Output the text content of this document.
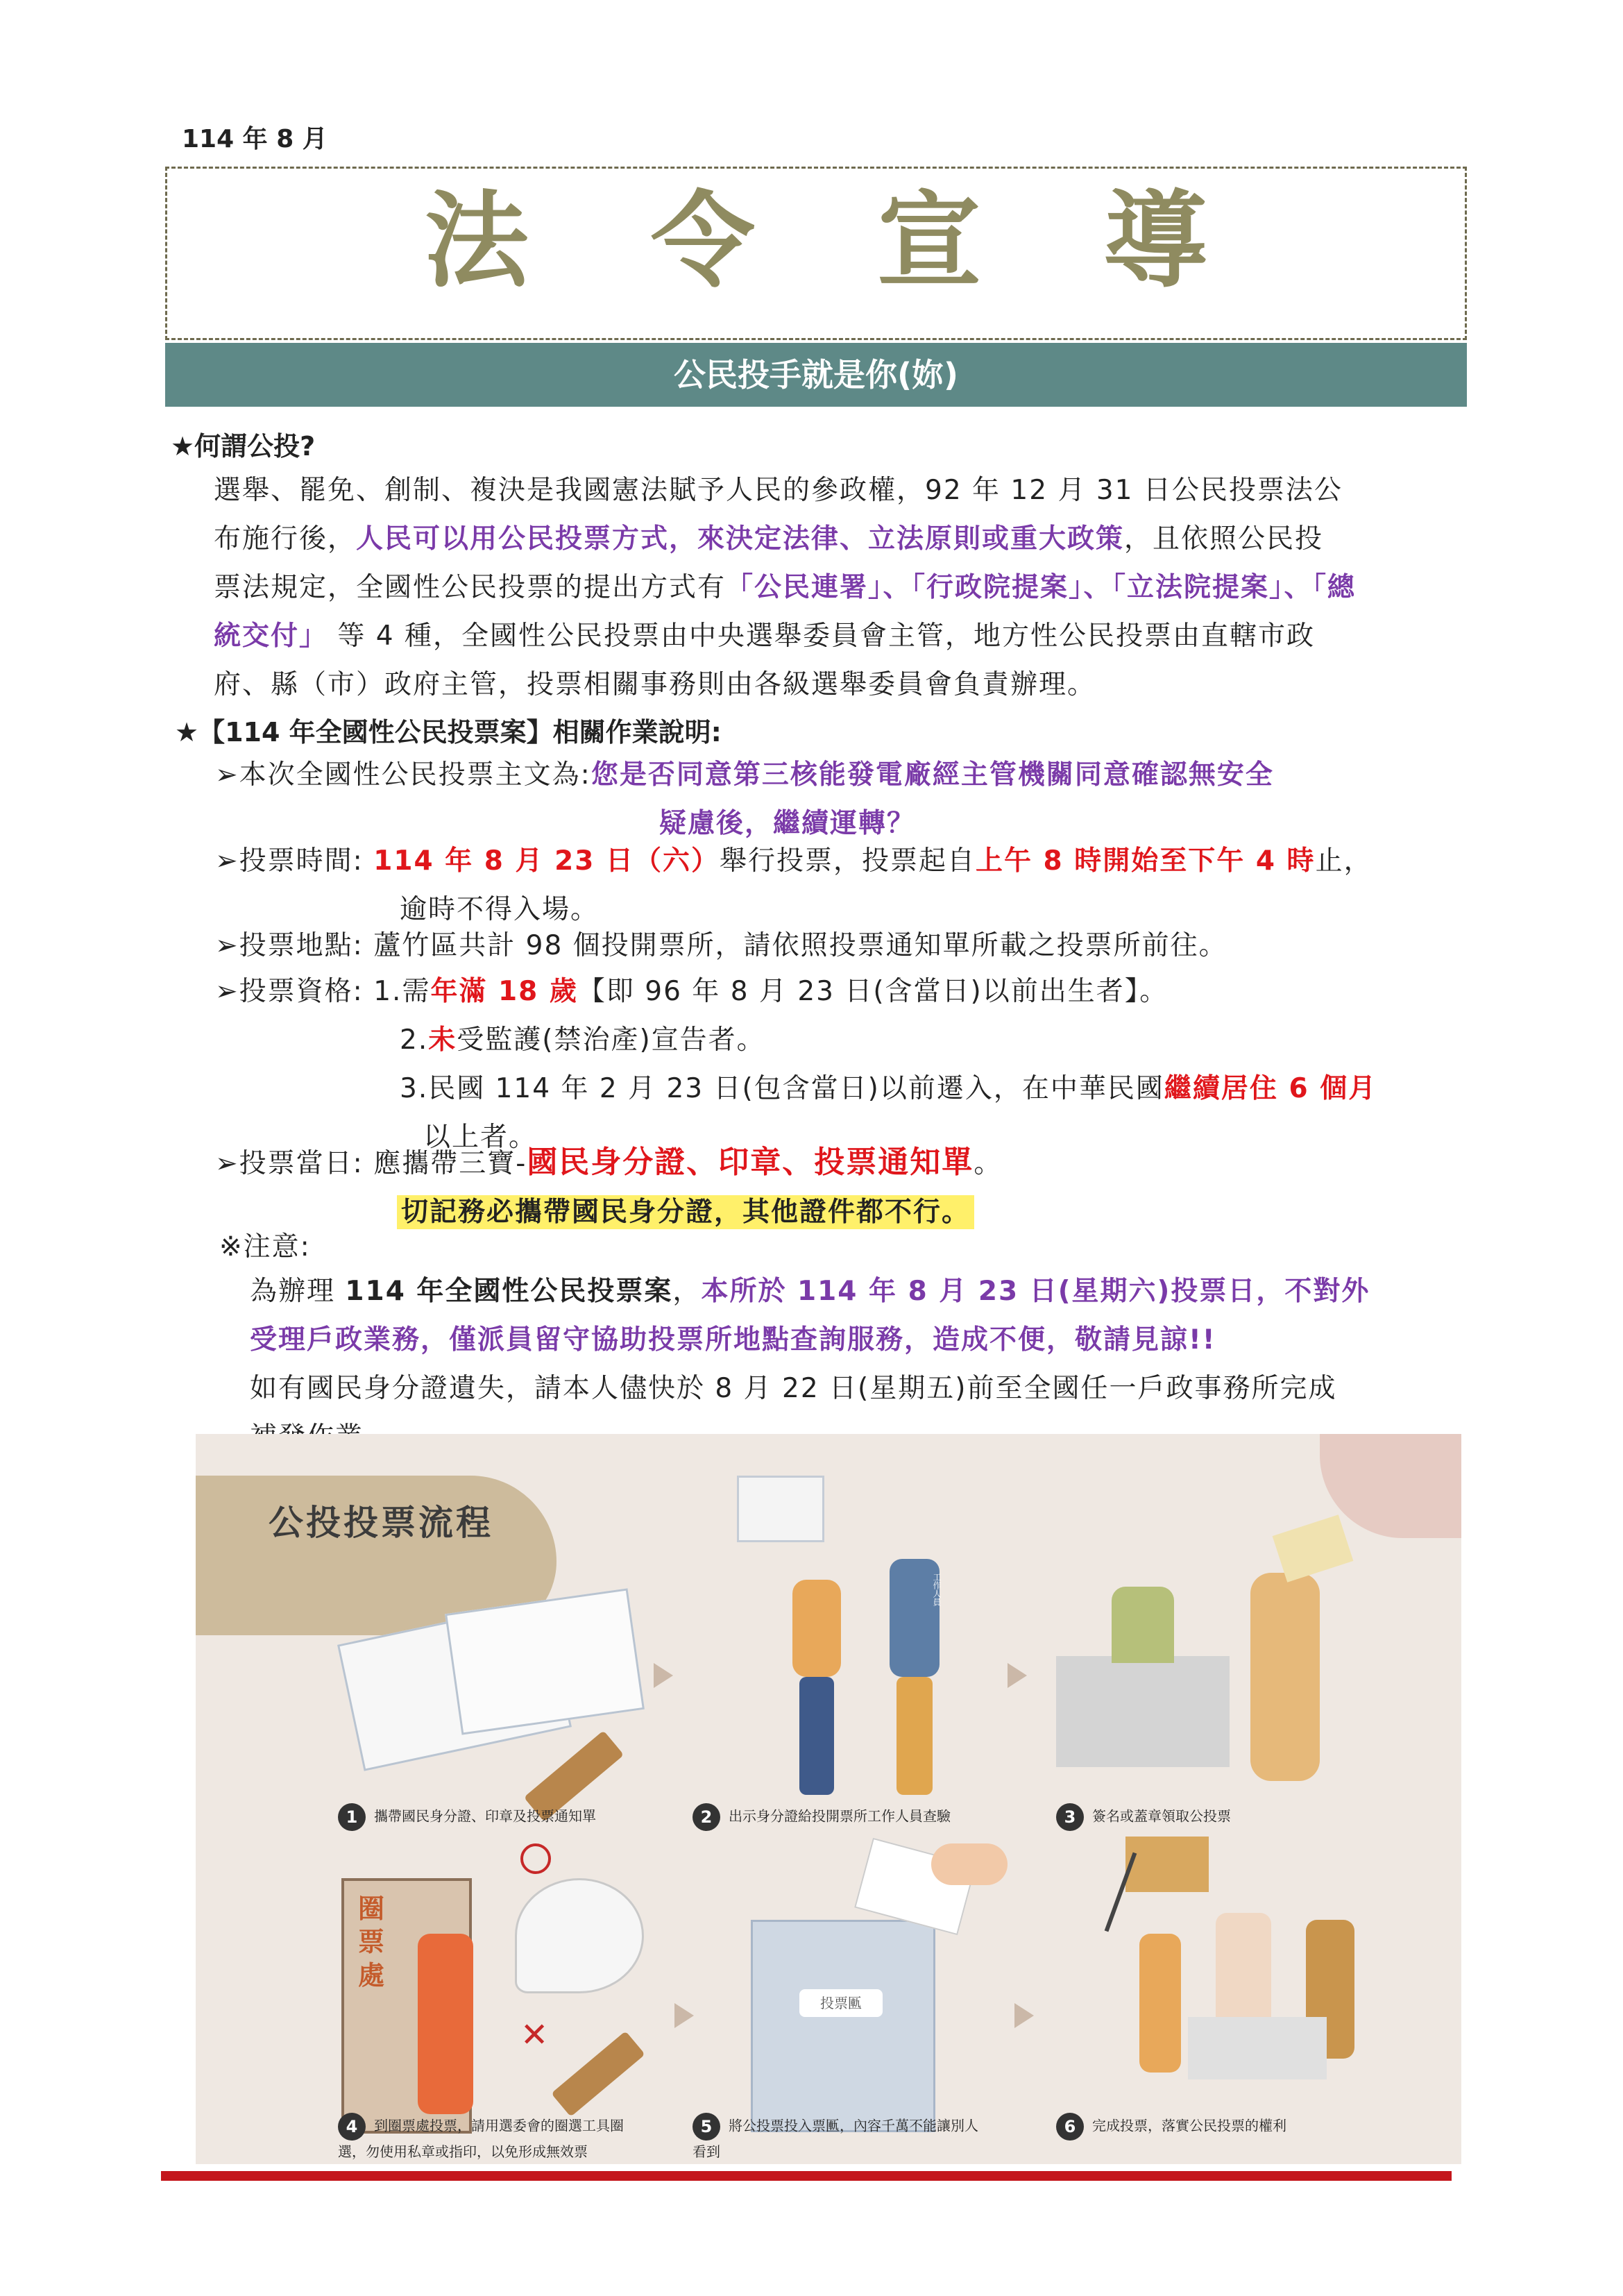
114 年 8 月
法 令 宣 導
公民投手就是你(妳)
★何謂公投?
選舉、罷免、創制、複決是我國憲法賦予人民的參政權，92 年 12 月 31 日公民投票法公
布施行後，人民可以用公民投票方式，來決定法律、立法原則或重大政策，且依照公民投
票法規定，全國性公民投票的提出方式有「公民連署」、「行政院提案」、「立法院提案」、「總
統交付」 等 4 種，全國性公民投票由中央選舉委員會主管，地方性公民投票由直轄市政
府、縣（市）政府主管，投票相關事務則由各級選舉委員會負責辦理。
★【114 年全國性公民投票案】相關作業說明:
➢本次全國性公民投票主文為:您是否同意第三核能發電廠經主管機關同意確認無安全
疑慮後，繼續運轉？
➢投票時間: 114 年 8 月 23 日（六）舉行投票，投票起自上午 8 時開始至下午 4 時止，
逾時不得入場。
➢投票地點: 蘆竹區共計 98 個投開票所，請依照投票通知單所載之投票所前往。
➢投票資格: 1.需年滿 18 歲【即 96 年 8 月 23 日(含當日)以前出生者】。
2.未受監護(禁治產)宣告者。
3.民國 114 年 2 月 23 日(包含當日)以前遷入，在中華民國繼續居住 6 個月
以上者。
➢投票當日: 應攜帶三寶-國民身分證、印章、投票通知單。
切記務必攜帶國民身分證，其他證件都不行。
※注意:
為辦理 114 年全國性公民投票案，本所於 114 年 8 月 23 日(星期六)投票日，不對外
受理戶政業務，僅派員留守協助投票所地點查詢服務，造成不便，敬請見諒!!
如有國民身分證遺失，請本人儘快於 8 月 22 日(星期五)前至全國任一戶政事務所完成
公投投票流程
工作人員
1 攜帶國民身分證、印章及投票通知單	2 出示身分證給投開票所工作人員查驗	3 簽名或蓋章領取公投票
圈票處
✕
投票匭
4 到圈票處投票，請用選委會的圈選工具圈選，勿使用私章或指印，以免形成無效票
5 將公投票投入票匭，內容千萬不能讓別人看到
6 完成投票，落實公民投票的權利
